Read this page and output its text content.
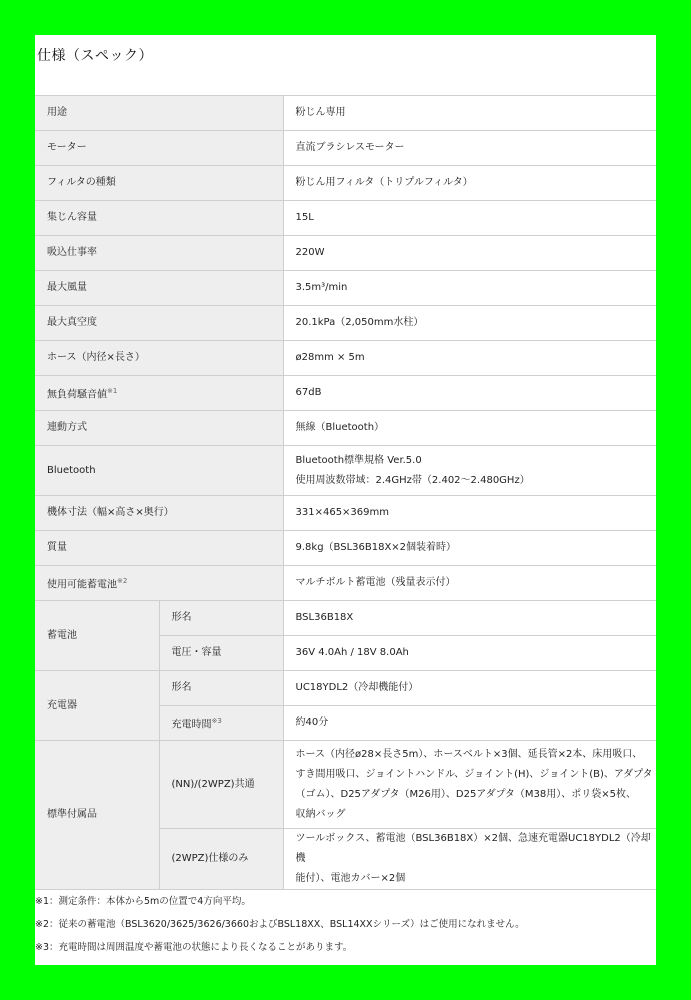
仕様（スペック）
用途		粉じん専用
モーター		直流ブラシレスモーター
フィルタの種類		粉じん用フィルタ（トリプルフィルタ）
集じん容量		15L
吸込仕事率		220W
最大風量		3.5m³/min
最大真空度		20.1kPa（2,050mm水柱）
ホース（内径×長さ）		ø28mm × 5m
無負荷騒音値$^{※1}$		67dB
連動方式		無線（Bluetooth）
Bluetooth		Bluetooth標準規格 Ver.5.0
使用周波数帯域：2.4GHz帯（2.402～2.480GHz）

機体寸法（幅×高さ×奥行）		331×465×369mm
質量		9.8kg（BSL36B18X×2個装着時）
使用可能蓄電池$^{※2}$		マルチボルト蓄電池（残量表示付）
蓄電池	形名	BSL36B18X
	電圧・容量	36V 4.0Ah / 18V 8.0Ah
充電器	形名	UC18YDL2（冷却機能付）
	充電時間$^{※3}$	約40分
標準付属品	(NN)/(2WPZ)共通	ホース（内径ø28×長さ5m）、ホースベルト×3個、延長管×2本、床用吸口、
すき間用吸口、ジョイントハンドル、ジョイント(H)、ジョイント(B)、アダプタ
（ゴム）、D25アダプタ（M26用）、D25アダプタ（M38用）、ポリ袋×5枚、
収納バッグ

	(2WPZ)仕様のみ	ツールボックス、蓄電池（BSL36B18X）×2個、急速充電器UC18YDL2（冷却機
能付）、電池カバー×2個
※1：測定条件：本体から5mの位置で4方向平均。
※2：従来の蓄電池（BSL3620/3625/3626/3660およびBSL18XX、BSL14XXシリーズ）はご使用になれません。
※3：充電時間は周囲温度や蓄電池の状態により長くなることがあります。
